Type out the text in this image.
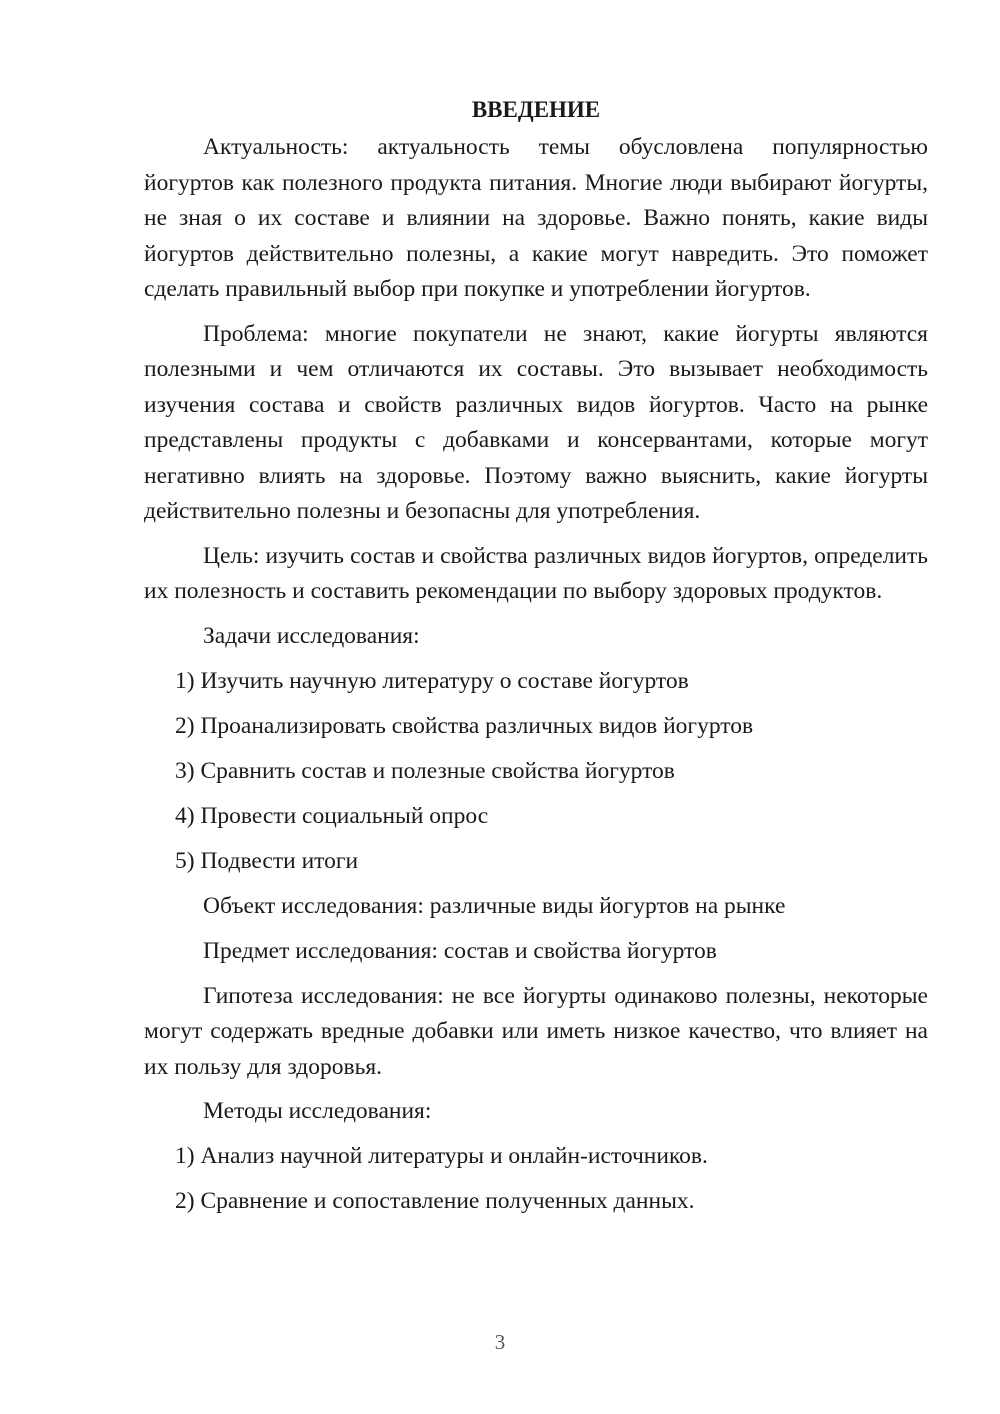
ВВЕДЕНИЕ
Актуальность: актуальность темы обусловлена популярностью йогуртов как полезного продукта питания. Многие люди выбирают йогурты, не зная о их составе и влиянии на здоровье. Важно понять, какие виды йогуртов действительно полезны, а какие могут навредить. Это поможет сделать правильный выбор при покупке и употреблении йогуртов.
Проблема: многие покупатели не знают, какие йогурты являются полезными и чем отличаются их составы. Это вызывает необходимость изучения состава и свойств различных видов йогуртов. Часто на рынке представлены продукты с добавками и консервантами, которые могут негативно влиять на здоровье. Поэтому важно выяснить, какие йогурты действительно полезны и безопасны для употребления.
Цель: изучить состав и свойства различных видов йогуртов, определить их полезность и составить рекомендации по выбору здоровых продуктов.
Задачи исследования:
1) Изучить научную литературу о составе йогуртов
2) Проанализировать свойства различных видов йогуртов
3) Сравнить состав и полезные свойства йогуртов
4) Провести социальный опрос
5) Подвести итоги
Объект исследования: различные виды йогуртов на рынке
Предмет исследования: состав и свойства йогуртов
Гипотеза исследования: не все йогурты одинаково полезны, некоторые могут содержать вредные добавки или иметь низкое качество, что влияет на их пользу для здоровья.
Методы исследования:
1) Анализ научной литературы и онлайн-источников.
2) Сравнение и сопоставление полученных данных.
3
